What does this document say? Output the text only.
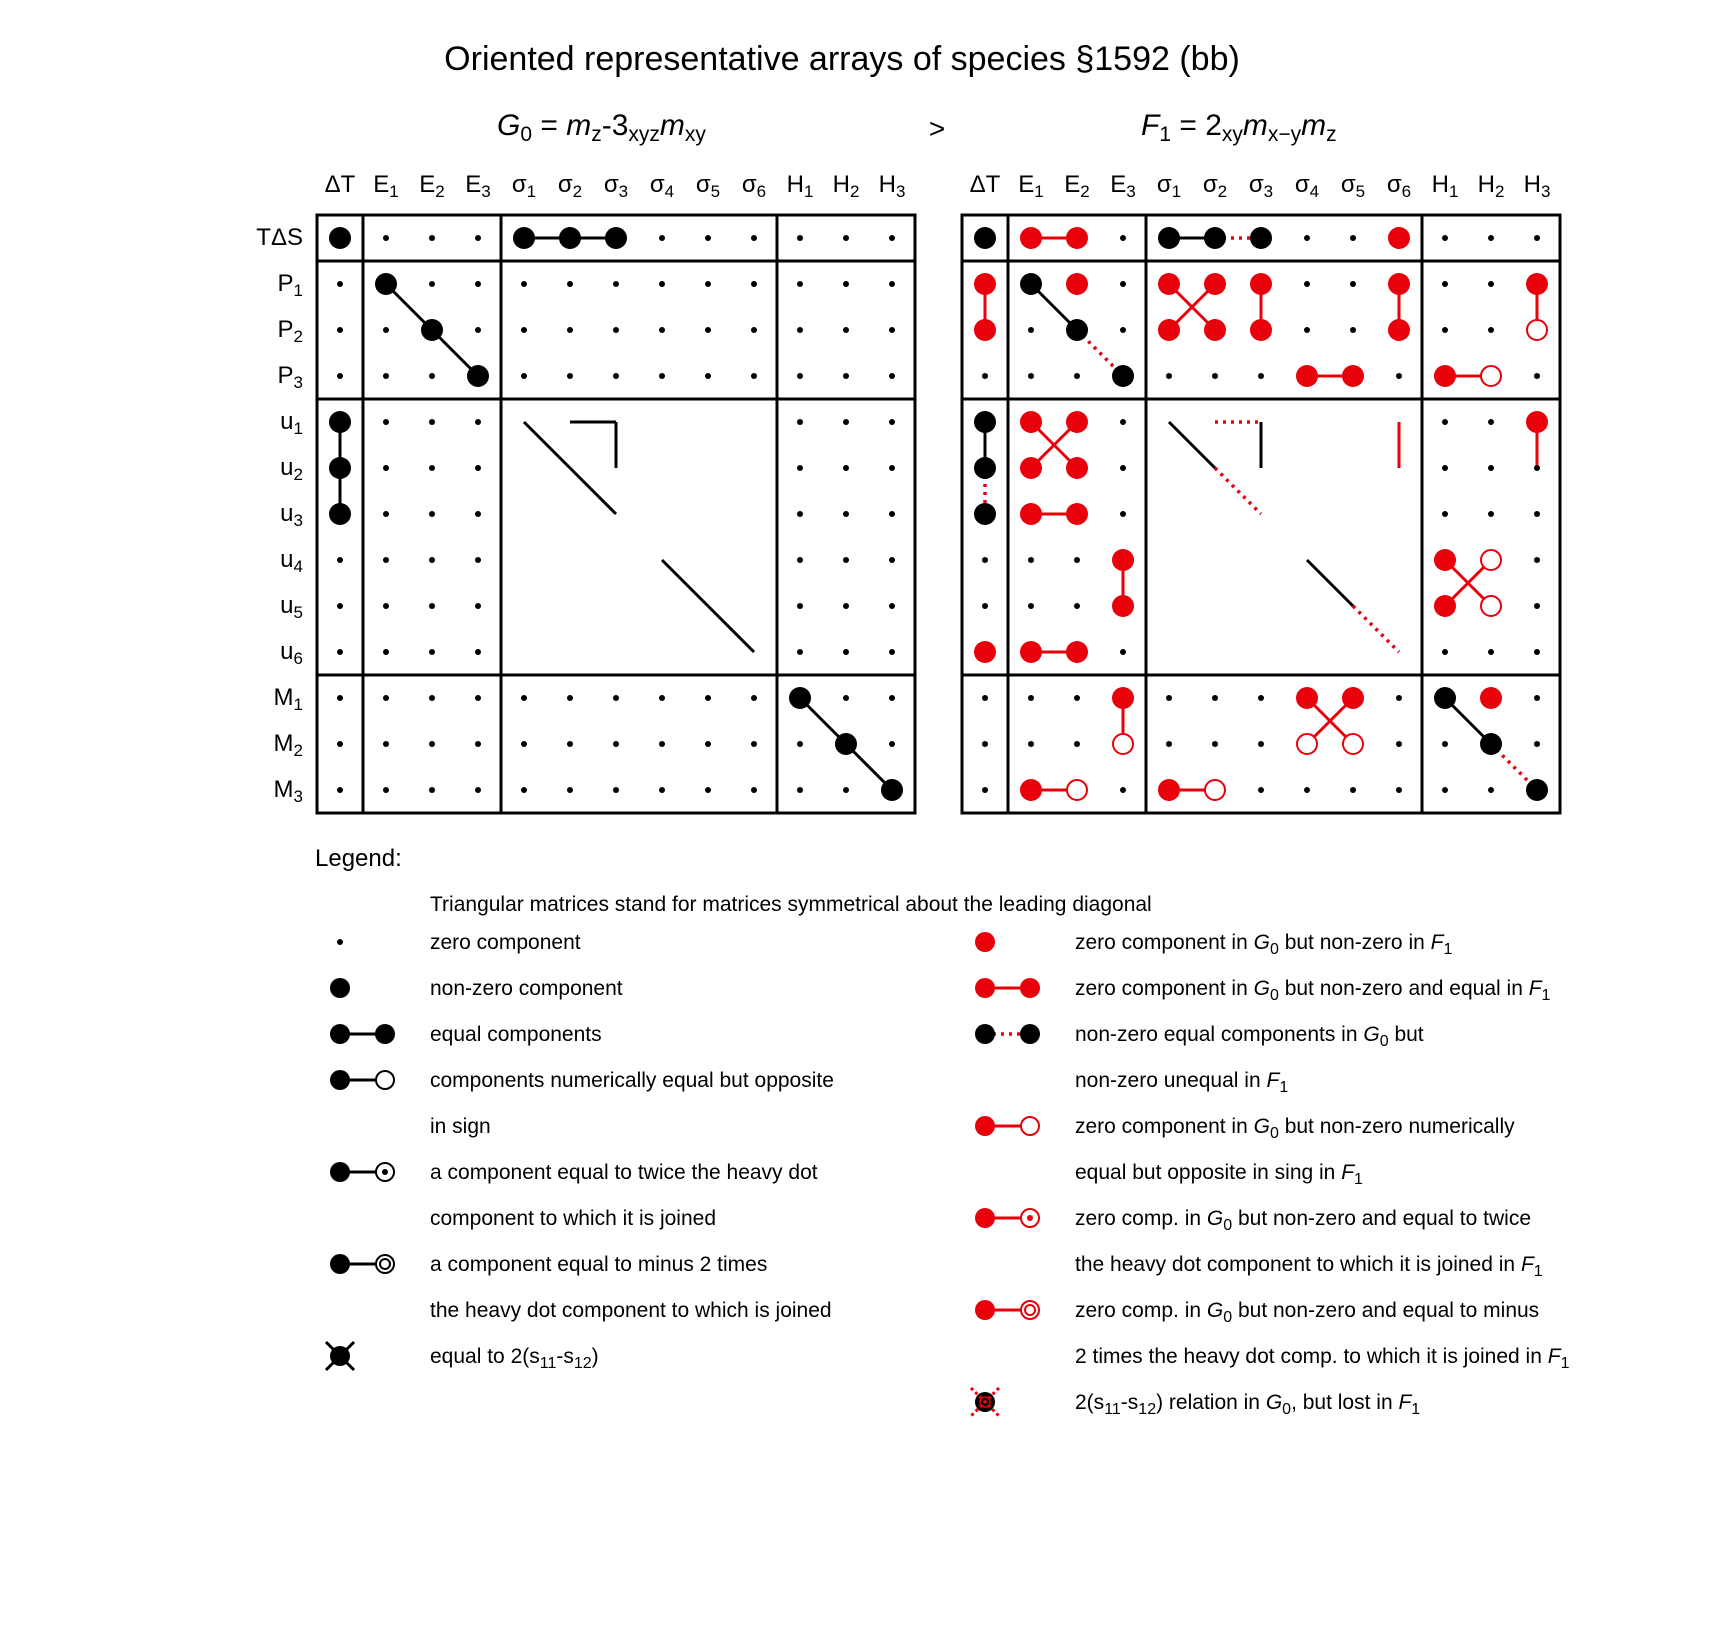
Oriented representative arrays of species §1592 (bb)
G0 = mz-3xyzmxy	>	F1 = 2xymx−ymz
ΔT E1 E2 E3 σ1 σ2 σ3 σ4 σ5 σ6 H1 H2 H3
TΔS
P1
P2
P3
u1
u2
u3
u4
u5
u6
M1
M2
M3
ΔT E1 E2 E3 σ1 σ2 σ3 σ4 σ5 σ6 H1 H2 H3
Legend:
Triangular matrices stand for matrices symmetrical about the leading diagonal
zero component
non-zero component
equal components
components numerically equal but opposite
in sign
a component equal to twice the heavy dot
component to which it is joined
a component equal to minus 2 times
the heavy dot component to which is joined
equal to 2(s11-s12)
zero component in G0 but non-zero in F1
zero component in G0 but non-zero and equal in F1
non-zero equal components in G0 but
non-zero unequal in F1
zero component in G0 but non-zero numerically
equal but opposite in sing in F1
zero comp. in G0 but non-zero and equal to twice
the heavy dot component to which it is joined in F1
zero comp. in G0 but non-zero and equal to minus
2 times the heavy dot comp. to which it is joined in F1
2(s11-s12) relation in G0, but lost in F1
